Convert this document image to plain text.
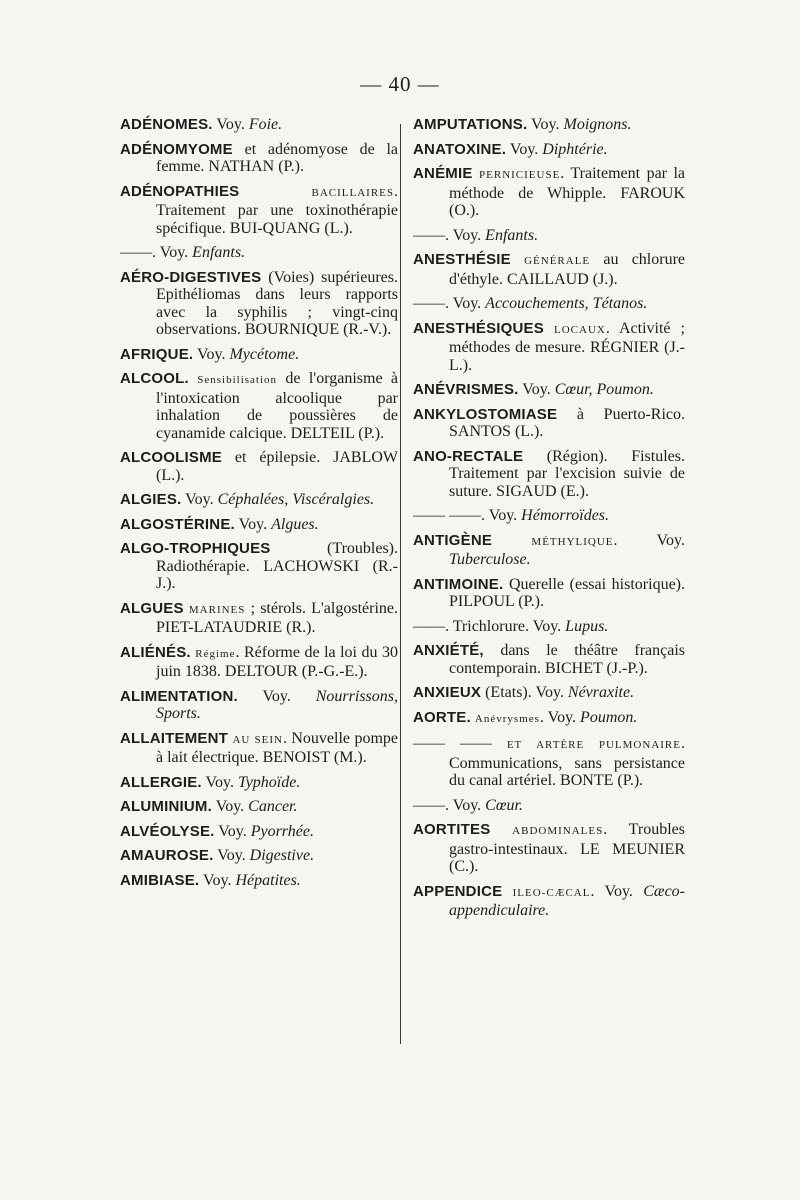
— 40 —
ADÉNOMES. Voy. Foie.
ADÉNOMYOME et adénomyose de la femme. NATHAN (P.).
ADÉNOPATHIES	BACILLAIRES. Traitement par une toxinothérapie spécifique. BUI-QUANG (L.).
——. Voy. Enfants.
AÉRO-DIGESTIVES (Voies) supérieures. Epithéliomas dans leurs rapports avec la syphilis ; vingt-cinq observations. BOURNIQUE (R.-V.).
AFRIQUE. Voy. Mycétome.
ALCOOL. Sensibilisation de l'organisme à l'intoxication alcoolique par inhalation de poussières de cyanamide calcique. DELTEIL (P.).
ALCOOLISME et épilepsie. JABLOW (L.).
ALGIES. Voy. Céphalées, Viscéralgies.
ALGOSTÉRINE. Voy. Algues.
ALGO-TROPHIQUES (Troubles). Radiothérapie. LACHOWSKI (R.-J.).
ALGUES MARINES ; stérols. L'algostérine. PIET-LATAUDRIE (R.).
ALIÉNÉS. Régime. Réforme de la loi du 30 juin 1838. DELTOUR (P.-G.-E.).
ALIMENTATION. Voy. Nourrissons, Sports.
ALLAITEMENT AU SEIN. Nouvelle pompe à lait électrique. BENOIST (M.).
ALLERGIE. Voy. Typhoïde.
ALUMINIUM. Voy. Cancer.
ALVÉOLYSE. Voy. Pyorrhée.
AMAUROSE. Voy. Digestive.
AMIBIASE. Voy. Hépatites.
AMPUTATIONS. Voy. Moignons.
ANATOXINE. Voy. Diphtérie.
ANÉMIE PERNICIEUSE. Traitement par la méthode de Whipple. FAROUK (O.).
——. Voy. Enfants.
ANESTHÉSIE GÉNÉRALE au chlorure d'éthyle. CAILLAUD (J.).
——. Voy. Accouchements, Tétanos.
ANESTHÉSIQUES LOCAUX. Activité ; méthodes de mesure. RÉGNIER (J.-L.).
ANÉVRISMES. Voy. Cœur, Poumon.
ANKYLOSTOMIASE à Puerto-Rico. SANTOS (L.).
ANO-RECTALE (Région). Fistules. Traitement par l'excision suivie de suture. SIGAUD (E.).
—— ——. Voy. Hémorroïdes.
ANTIGÈNE	MÉTHYLIQUE. Voy. Tuberculose.
ANTIMOINE. Querelle (essai historique). PILPOUL (P.).
——. Trichlorure. Voy. Lupus.
ANXIÉTÉ, dans le théâtre français contemporain. BICHET (J.-P.).
ANXIEUX (Etats). Voy. Névraxite.
AORTE. Anévrysmes. Voy. Poumon.
—— —— ET ARTÈRE PULMONAIRE. Communications, sans persistance du canal artériel. BONTE (P.).
——. Voy. Cœur.
AORTITES ABDOMINALES. Troubles gastro-intestinaux. LE MEUNIER (C.).
APPENDICE ILEO-CÆCAL. Voy. Cæco-appendiculaire.
